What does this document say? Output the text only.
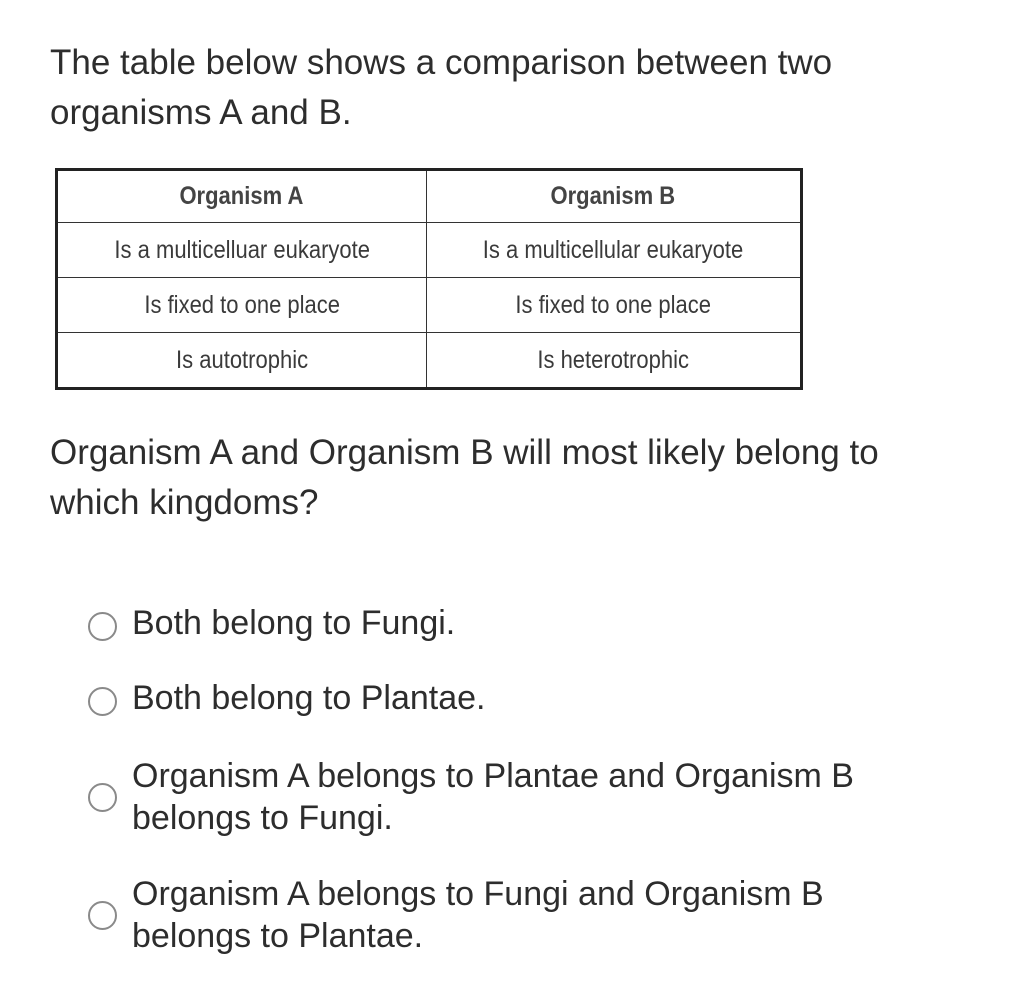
The table below shows a comparison between two organisms A and B.

Organism A	Organism B
Is a multicelluar eukaryote	Is a multicellular eukaryote
Is fixed to one place	Is fixed to one place
Is autotrophic	Is heterotrophic

Organism A and Organism B will most likely belong to which kingdoms?

Both belong to Fungi.
Both belong to Plantae.
Organism A belongs to Plantae and Organism B belongs to Fungi.
Organism A belongs to Fungi and Organism B belongs to Plantae.
